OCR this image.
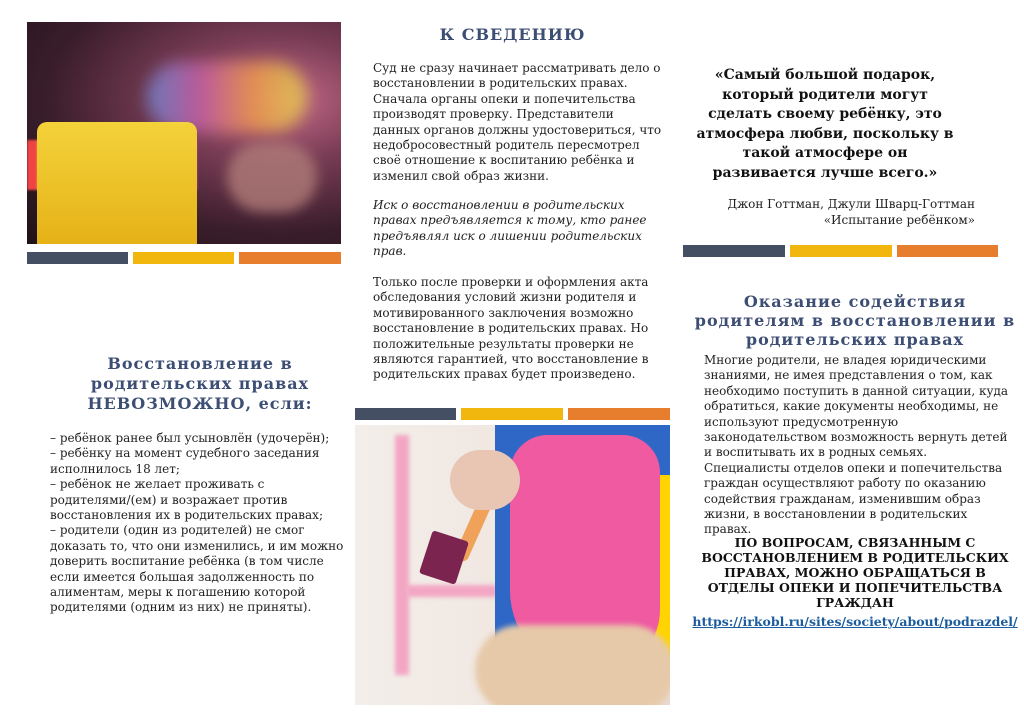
К СВЕДЕНИЮ
Суд не сразу начинает рассматривать дело о восстановлении в родительских правах. Сначала органы опеки и попечительства производят проверку. Представители данных органов должны удостовериться, что недобросовестный родитель пересмотрел своё отношение к воспитанию ребёнка и изменил свой образ жизни.
Иск о восстановлении в родительских правах предъявляется к тому, кто ранее предъявлял иск о лишении родительских прав.
Только после проверки и оформления акта обследования условий жизни родителя и мотивированного заключения возможно восстановление в родительских правах. Но положительные результаты проверки не являются гарантией, что восстановление в родительских правах будет произведено.
Восстановление в
родительских правах
НЕВОЗМОЖНО, если:
– ребёнок ранее был усыновлён (удочерён);
– ребёнку на момент судебного заседания исполнилось 18 лет;
– ребёнок не желает проживать с родителями/(ем) и возражает против восстановления их в родительских правах;
– родители (один из родителей) не смог доказать то, что они изменились, и им можно доверить воспитание ребёнка (в том числе если имеется большая задолженность по алиментам, меры к погашению которой родителями (одним из них) не приняты).
«Самый большой подарок, который родители могут сделать своему ребёнку, это атмосфера любви, поскольку в такой атмосфере он развивается лучше всего.»
Джон Готтман, Джули Шварц-Готтман
«Испытание ребёнком»
Оказание содействия родителям в восстановлении в родительских правах
Многие родители, не владея юридическими знаниями, не имея представления о том, как необходимо поступить в данной ситуации, куда обратиться, какие документы необходимы, не используют предусмотренную законодательством возможность вернуть детей и воспитывать их в родных семьях.
Специалисты отделов опеки и попечительства граждан осуществляют работу по оказанию содействия гражданам, изменившим образ жизни, в восстановлении в родительских правах.
ПО ВОПРОСАМ, СВЯЗАННЫМ С ВОССТАНОВЛЕНИЕМ В РОДИТЕЛЬСКИХ ПРАВАХ, МОЖНО ОБРАЩАТЬСЯ В ОТДЕЛЫ ОПЕКИ И ПОПЕЧИТЕЛЬСТВА ГРАЖДАН
https://irkobl.ru/sites/society/about/podrazdel/
